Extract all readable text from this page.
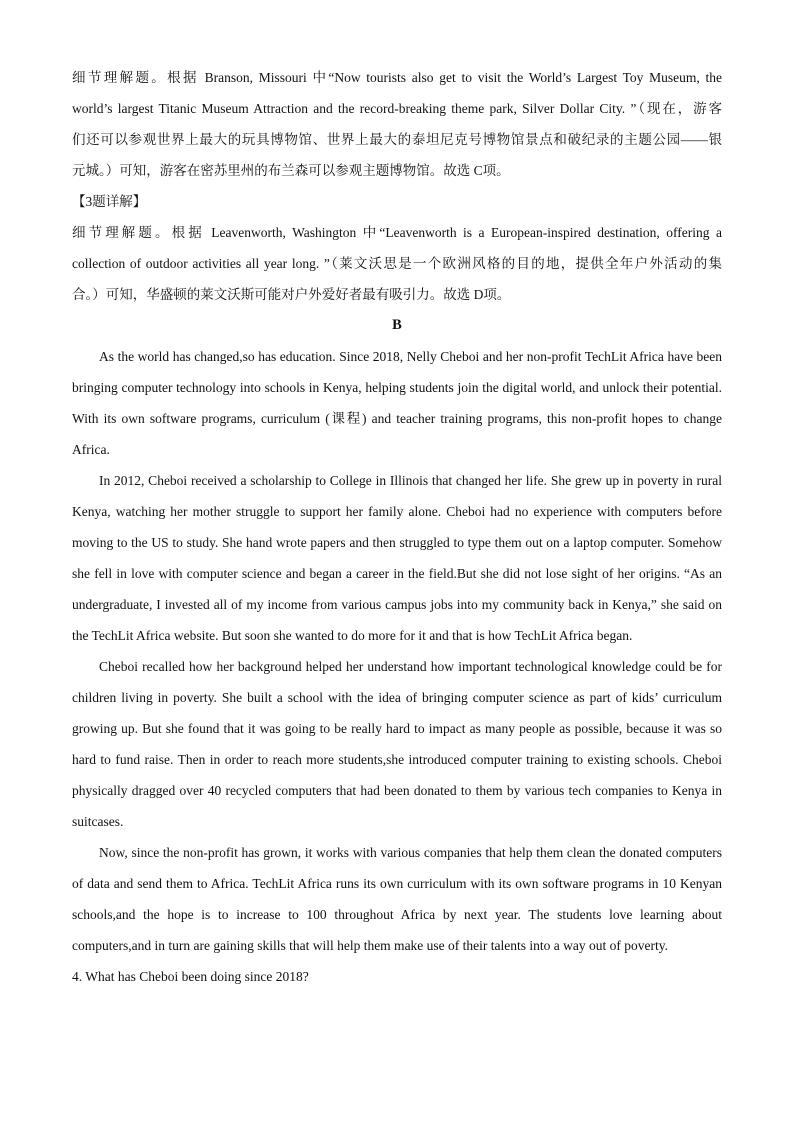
细节理解题。根据 Branson, Missouri 中“Now tourists also get to visit the World’s Largest Toy Museum, the

world’s largest Titanic Museum Attraction and the record-breaking theme park, Silver Dollar City. ”（现在，游客

们还可以参观世界上最大的玩具博物馆、世界上最大的泰坦尼克号博物馆景点和破纪录的主题公园——银

元城。）可知，游客在密苏里州的布兰森可以参观主题博物馆。故选 C项。

【3题详解】

细节理解题。根据 Leavenworth, Washington 中“Leavenworth is a European-inspired destination, offering a

collection of outdoor activities all year long. ”（莱文沃思是一个欧洲风格的目的地，提供全年户外活动的集

合。）可知，华盛顿的莱文沃斯可能对户外爱好者最有吸引力。故选 D项。

B

As the world has changed,so has education. Since 2018, Nelly Cheboi and her non-profit TechLit Africa have been bringing computer technology into schools in Kenya, helping students join the digital world, and unlock their potential. With its own software programs, curriculum (课程) and teacher training programs, this non-profit hopes to change Africa.

In 2012, Cheboi received a scholarship to College in Illinois that changed her life. She grew up in poverty in rural Kenya, watching her mother struggle to support her family alone. Cheboi had no experience with computers before moving to the US to study. She hand wrote papers and then struggled to type them out on a laptop computer. Somehow she fell in love with computer science and began a career in the field.But she did not lose sight of her origins. “As an undergraduate, I invested all of my income from various campus jobs into my community back in Kenya,” she said on the TechLit Africa website. But soon she wanted to do more for it and that is how TechLit Africa began.

Cheboi recalled how her background helped her understand how important technological knowledge could be for children living in poverty. She built a school with the idea of bringing computer science as part of kids’ curriculum growing up. But she found that it was going to be really hard to impact as many people as possible, because it was so hard to fund raise. Then in order to reach more students,she introduced computer training to existing schools. Cheboi physically dragged over 40 recycled computers that had been donated to them by various tech companies to Kenya in suitcases.

Now, since the non-profit has grown, it works with various companies that help them clean the donated computers of data and send them to Africa. TechLit Africa runs its own curriculum with its own software programs in 10 Kenyan schools,and the hope is to increase to 100 throughout Africa by next year. The students love learning about computers,and in turn are gaining skills that will help them make use of their talents into a way out of poverty.

4. What has Cheboi been doing since 2018?
